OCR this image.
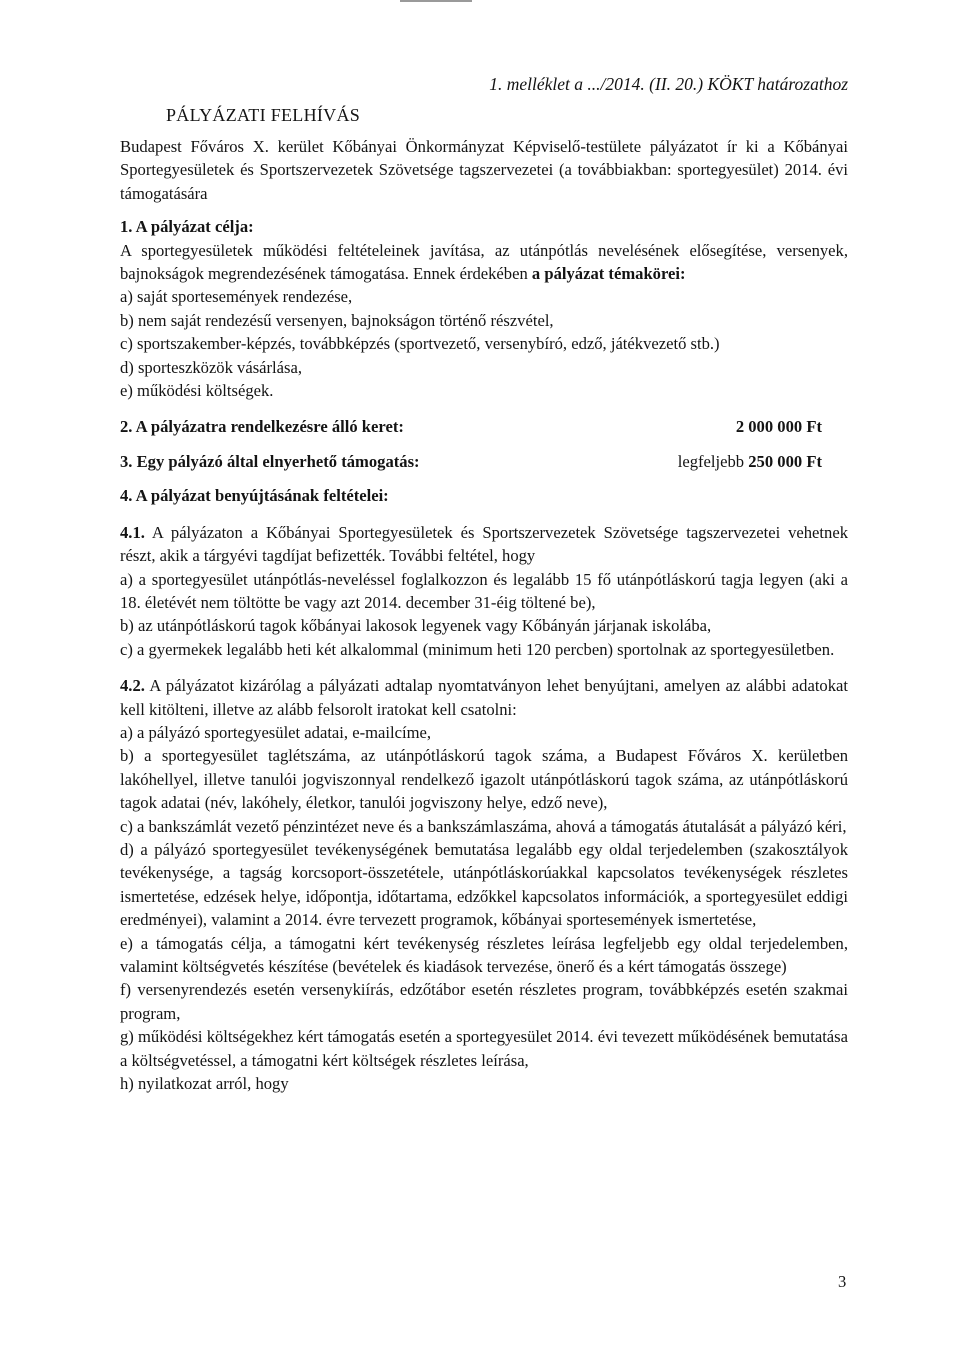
1. melléklet a .../2014. (II. 20.) KÖKT határozathoz

PÁLYÁZATI FELHÍVÁS

Budapest Főváros X. kerület Kőbányai Önkormányzat Képviselő-testülete pályázatot ír ki a Kőbányai Sportegyesületek és Sportszervezetek Szövetsége tagszervezetei (a továbbiakban: sportegyesület) 2014. évi támogatására

1. A pályázat célja:

A sportegyesületek működési feltételeinek javítása, az utánpótlás nevelésének elősegítése, versenyek, bajnokságok megrendezésének támogatása. Ennek érdekében a pályázat témakörei:

a) saját sportesemények rendezése,

b) nem saját rendezésű versenyen, bajnokságon történő részvétel,

c) sportszakember-képzés, továbbképzés (sportvezető, versenybíró, edző, játékvezető stb.)

d) sporteszközök vásárlása,

e) működési költségek.

2. A pályázatra rendelkezésre álló keret:	2 000 000 Ft
3. Egy pályázó által elnyerhető támogatás:	legfeljebb 250 000 Ft

4. A pályázat benyújtásának feltételei:

4.1. A pályázaton a Kőbányai Sportegyesületek és Sportszervezetek Szövetsége tagszervezetei vehetnek részt, akik a tárgyévi tagdíjat befizették. További feltétel, hogy

a) a sportegyesület utánpótlás-neveléssel foglalkozzon és legalább 15 fő utánpótláskorú tagja legyen (aki a 18. életévét nem töltötte be vagy azt 2014. december 31-éig töltené be),

b) az utánpótláskorú tagok kőbányai lakosok legyenek vagy Kőbányán járjanak iskolába,

c) a gyermekek legalább heti két alkalommal (minimum heti 120 percben) sportolnak az sportegyesületben.

4.2. A pályázatot kizárólag a pályázati adtalap nyomtatványon lehet benyújtani, amelyen az alábbi adatokat kell kitölteni, illetve az alább felsorolt iratokat kell csatolni:

a) a pályázó sportegyesület adatai, e-mailcíme,

b) a sportegyesület taglétszáma, az utánpótláskorú tagok száma, a Budapest Főváros X. kerületben lakóhellyel, illetve tanulói jogviszonnyal rendelkező igazolt utánpótláskorú tagok száma, az utánpótláskorú tagok adatai (név, lakóhely, életkor, tanulói jogviszony helye, edző neve),

c) a bankszámlát vezető pénzintézet neve és a bankszámlaszáma, ahová a támogatás átutalását a pályázó kéri,

d) a pályázó sportegyesület tevékenységének bemutatása legalább egy oldal terjedelemben (szakosztályok tevékenysége, a tagság korcsoport-összetétele, utánpótláskorúakkal kapcsolatos tevékenységek részletes ismertetése, edzések helye, időpontja, időtartama, edzőkkel kapcsolatos információk, a sportegyesület eddigi eredményei), valamint a 2014. évre tervezett programok, kőbányai sportesemények ismertetése,

e) a támogatás célja, a támogatni kért tevékenység részletes leírása legfeljebb egy oldal terjedelemben, valamint költségvetés készítése (bevételek és kiadások tervezése, önerő és a kért támogatás összege)

f) versenyrendezés esetén versenykiírás, edzőtábor esetén részletes program, továbbképzés esetén szakmai program,

g) működési költségekhez kért támogatás esetén a sportegyesület 2014. évi tevezett működésének bemutatása a költségvetéssel, a támogatni kért költségek részletes leírása,

h) nyilatkozat arról, hogy

3
